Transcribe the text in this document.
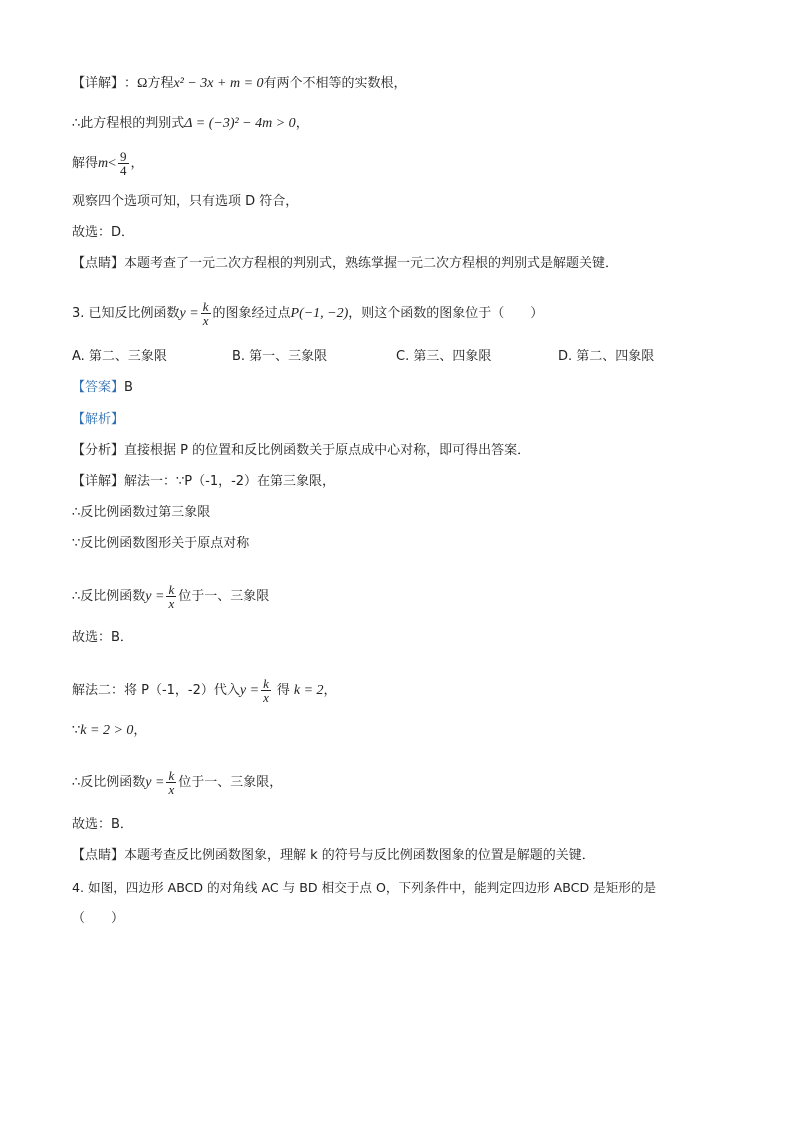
【详解】 ： Ω 方程 x² − 3x + m = 0 有两个不相等的实数根，
∴ 此方程根的判别式 Δ = (−3)² − 4m > 0 ，
解得 $m < \frac{9}{4}$ ，
观察四个选项可知，只有选项 D 符合，
故选：D．
【点睛】 本题考查了一元二次方程根的判别式，熟练掌握一元二次方程根的判别式是解题关键．
3. 已知反比例函数 $y = \frac{k}{x}$ 的图象经过点 P(−1, −2) ，则这个函数的图象位于（　　）
A. 第二、三象限	B. 第一、三象限	C. 第三、四象限	D. 第二、四象限
【答案】 B
【解析】
【分析】 直接根据 P 的位置和反比例函数关于原点成中心对称，即可得出答案．
【详解】 解法一：∵P（-1，-2）在第三象限，
∴反比例函数过第三象限
∵反比例函数图形关于原点对称
∴反比例函数 $y = \frac{k}{x}$ 位于一、三象限
故选：B．
解法二：将 P（-1，-2）代入 $y = \frac{k}{x}$ 得 k = 2 ，
∵ k = 2 > 0 ，
∴反比例函数 $y = \frac{k}{x}$ 位于一、三象限，
故选：B．
【点睛】 本题考查反比例函数图象，理解 k 的符号与反比例函数图象的位置是解题的关键．
4. 如图，四边形 ABCD 的对角线 AC 与 BD 相交于点 O，下列条件中，能判定四边形 ABCD 是矩形的是
（　　）
